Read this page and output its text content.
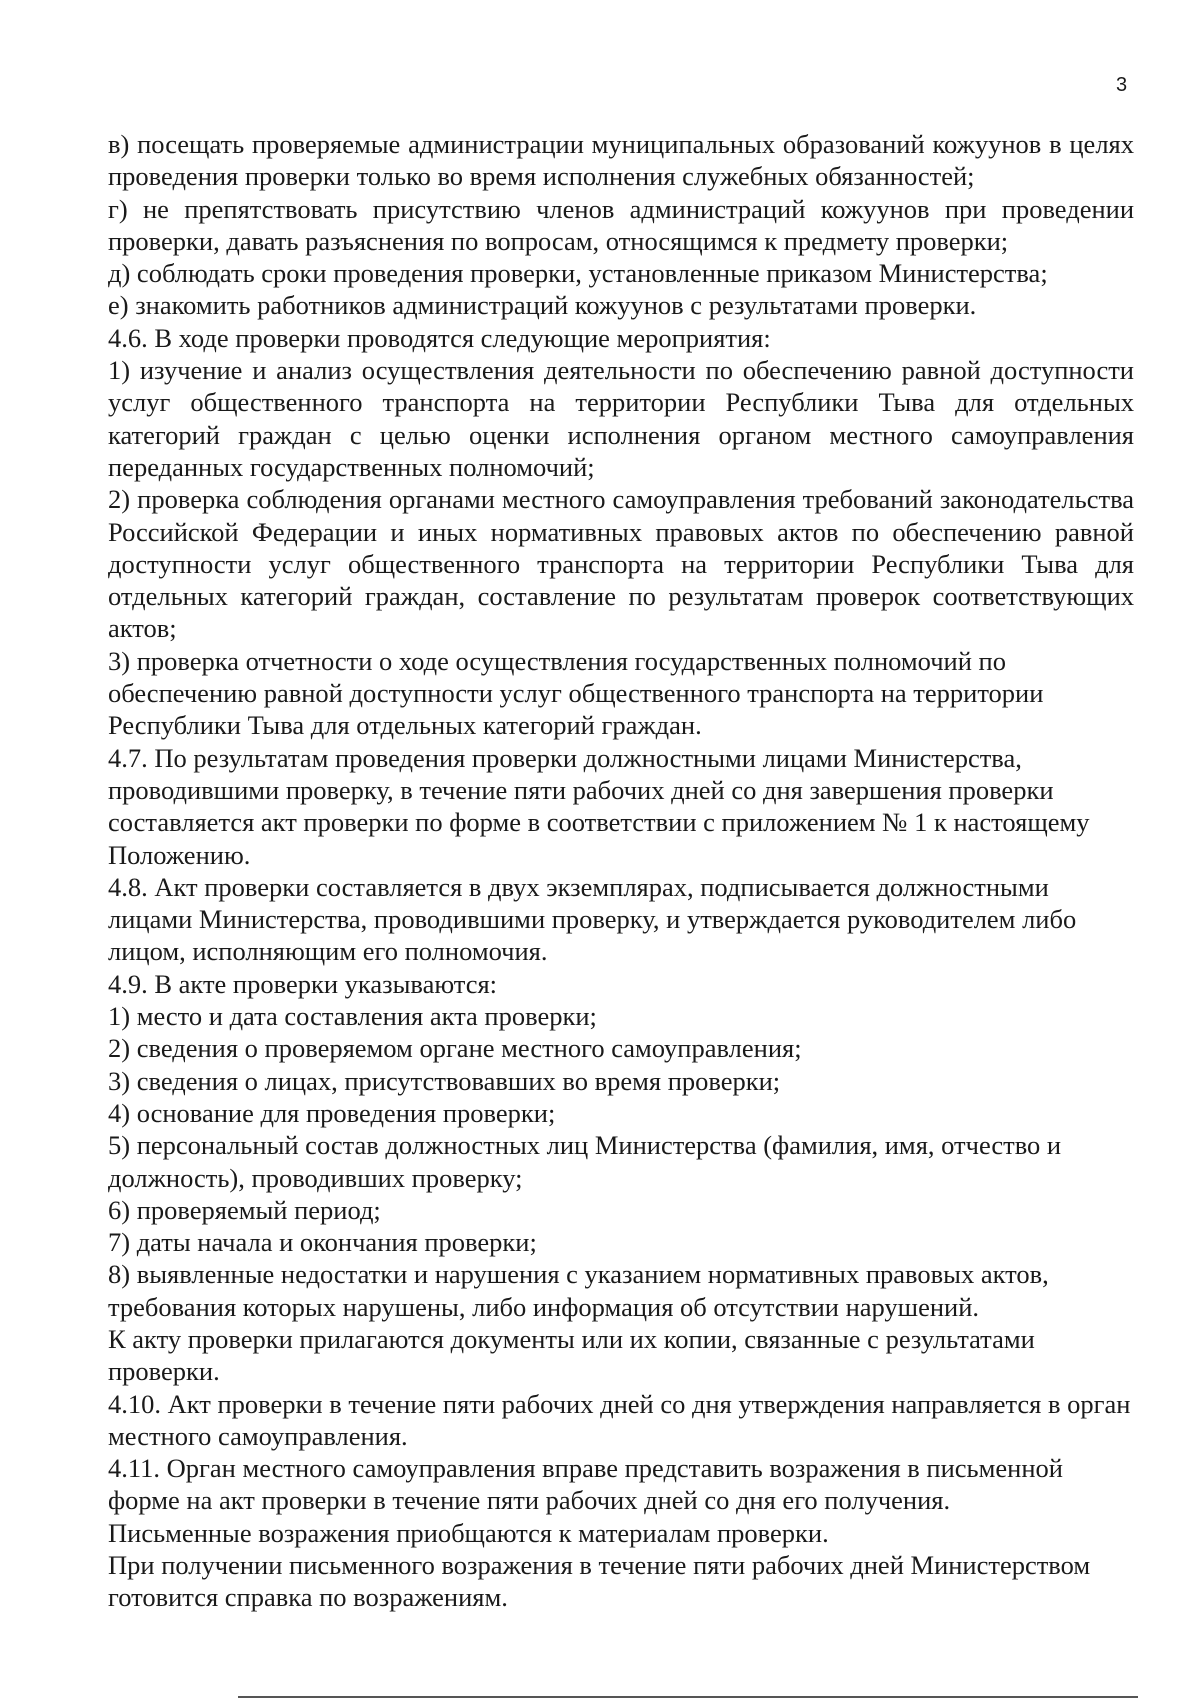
3

в) посещать проверяемые администрации муниципальных образований кожуунов в целях проведения проверки только во время исполнения служебных обязанностей;

г) не препятствовать присутствию членов администраций кожуунов при проведении проверки, давать разъяснения по вопросам, относящимся к предмету проверки;

д) соблюдать сроки проведения проверки, установленные приказом Министерства;

е) знакомить работников администраций кожуунов с результатами проверки.

4.6. В ходе проверки проводятся следующие мероприятия:

1) изучение и анализ осуществления деятельности по обеспечению равной доступности услуг общественного транспорта на территории Республики Тыва для отдельных категорий граждан с целью оценки исполнения органом местного самоуправления переданных государственных полномочий;

2) проверка соблюдения органами местного самоуправления требований законодательства Российской Федерации и иных нормативных правовых актов по обеспечению равной доступности услуг общественного транспорта на территории Республики Тыва для отдельных категорий граждан, составление по результатам проверок соответствующих актов;

3) проверка отчетности о ходе осуществления государственных полномочий по обеспечению равной доступности услуг общественного транспорта на территории Республики Тыва для отдельных категорий граждан.

4.7. По результатам проведения проверки должностными лицами Министерства, проводившими проверку, в течение пяти рабочих дней со дня завершения проверки составляется акт проверки по форме в соответствии с приложением № 1 к настоящему Положению.

4.8. Акт проверки составляется в двух экземплярах, подписывается должностными лицами Министерства, проводившими проверку, и утверждается руководителем либо лицом, исполняющим его полномочия.

4.9. В акте проверки указываются:

1) место и дата составления акта проверки;

2) сведения о проверяемом органе местного самоуправления;

3) сведения о лицах, присутствовавших во время проверки;

4) основание для проведения проверки;

5) персональный состав должностных лиц Министерства (фамилия, имя, отчество и должность), проводивших проверку;

6) проверяемый период;

7) даты начала и окончания проверки;

8) выявленные недостатки и нарушения с указанием нормативных правовых актов, требования которых нарушены, либо информация об отсутствии нарушений.

К акту проверки прилагаются документы или их копии, связанные с результатами проверки.

4.10. Акт проверки в течение пяти рабочих дней со дня утверждения направляется в орган местного самоуправления.

4.11. Орган местного самоуправления вправе представить возражения в письменной форме на акт проверки в течение пяти рабочих дней со дня его получения.

Письменные возражения приобщаются к материалам проверки.

При получении письменного возражения в течение пяти рабочих дней Министерством готовится справка по возражениям.
